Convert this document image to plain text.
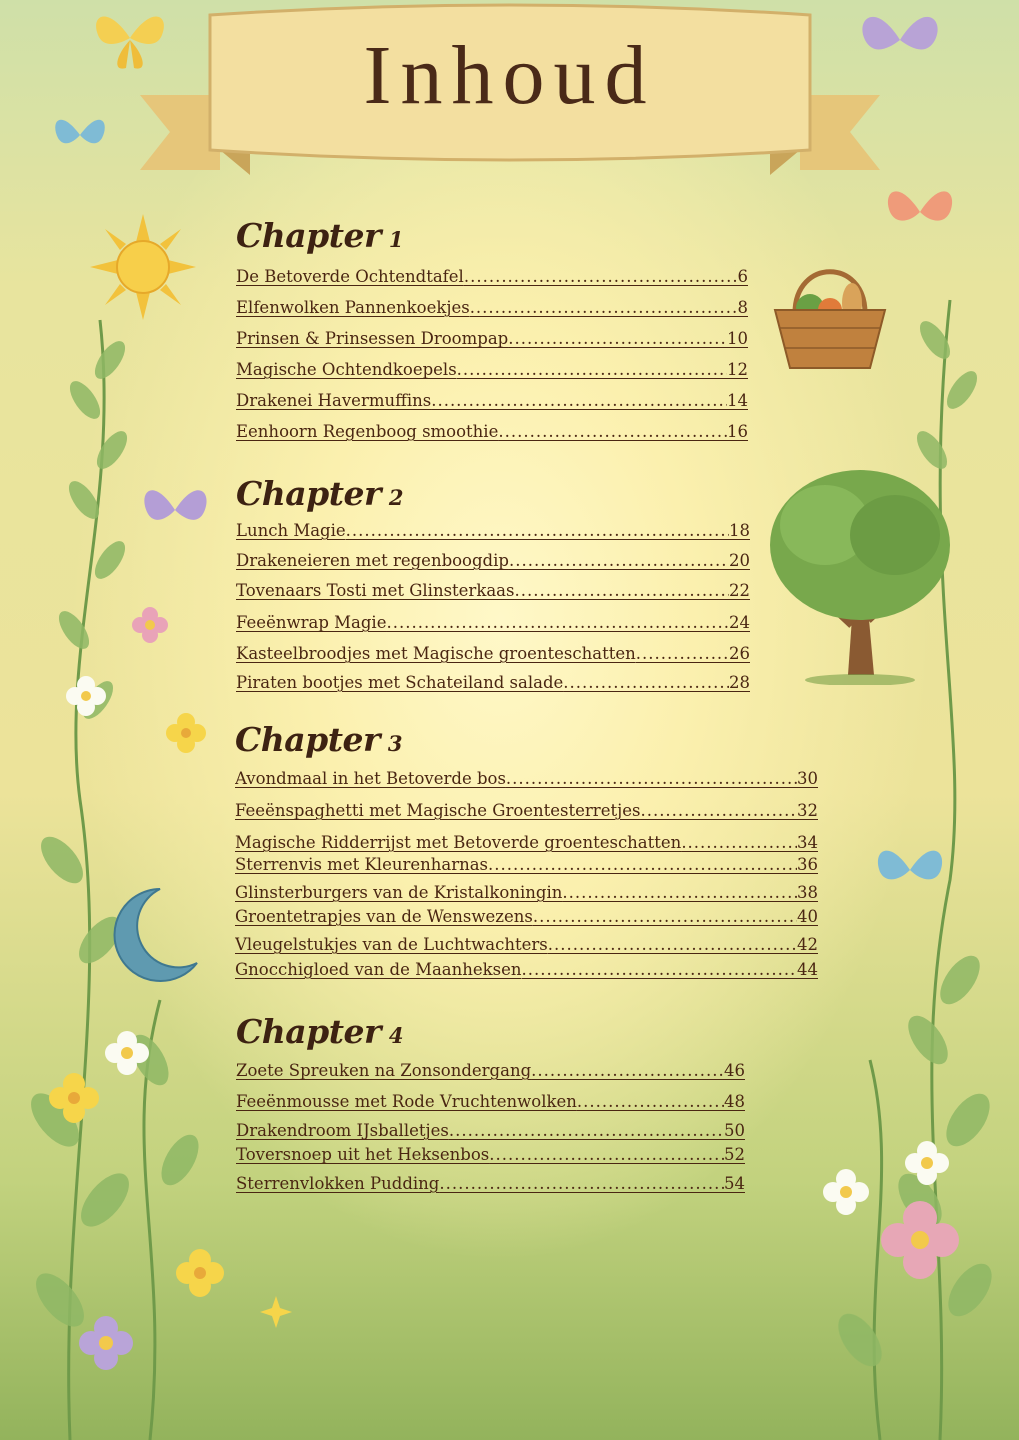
Inhoud
Chapter 1
De Betoverde Ochtendtafel .....	6
Elfenwolken Pannenkoekjes .....	8
Prinsen & Prinsessen Droompap .....	10
Magische Ochtendkoepels .....	12
Drakenei Havermuffins .....	14
Eenhoorn Regenboog smoothie .....	16
Chapter 2
Lunch Magie .....	18
Drakeneieren met regenboogdip .....	20
Tovenaars Tosti met Glinsterkaas .....	22
Feeënwrap Magie .....	24
Kasteelbroodjes met Magische groenteschatten .....	26
Piraten bootjes met Schateiland salade .....	28
Chapter 3
Avondmaal in het Betoverde bos .....	30
Feeënspaghetti met Magische Groentesterretjes .....	32
Magische Ridderrijst met Betoverde groenteschatten .....	34
Sterrenvis met Kleurenharnas .....	36
Glinsterburgers van de Kristalkoningin .....	38
Groentetrapjes van de Wenswezens .....	40
Vleugelstukjes van de Luchtwachters .....	42
Gnocchigloed van de Maanheksen .....	44
Chapter 4
Zoete Spreuken na Zonsondergang .....	46
Feeënmousse met Rode Vruchtenwolken .....	48
Drakendroom IJsballetjes .....	50
Toversnoep uit het Heksenbos .....	52
Sterrenvlokken Pudding .....	54
